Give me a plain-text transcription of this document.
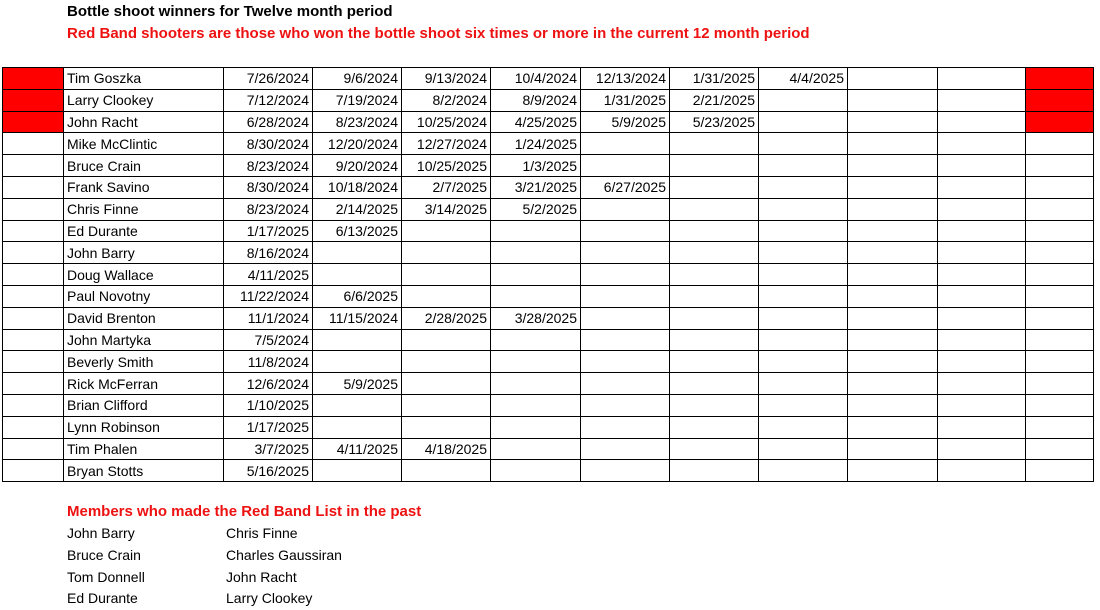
Bottle shoot winners for Twelve month period
Red Band shooters are those who won the bottle shoot six times or more in the current 12 month period
	Tim Goszka	7/26/2024	9/6/2024	9/13/2024	10/4/2024	12/13/2024	1/31/2025	4/4/2025			
	Larry Clookey	7/12/2024	7/19/2024	8/2/2024	8/9/2024	1/31/2025	2/21/2025				
	John Racht	6/28/2024	8/23/2024	10/25/2024	4/25/2025	5/9/2025	5/23/2025				
	Mike McClintic	8/30/2024	12/20/2024	12/27/2024	1/24/2025						
	Bruce Crain	8/23/2024	9/20/2024	10/25/2025	1/3/2025						
	Frank Savino	8/30/2024	10/18/2024	2/7/2025	3/21/2025	6/27/2025					
	Chris Finne	8/23/2024	2/14/2025	3/14/2025	5/2/2025						
	Ed Durante	1/17/2025	6/13/2025								
	John Barry	8/16/2024									
	Doug Wallace	4/11/2025									
	Paul Novotny	11/22/2024	6/6/2025								
	David Brenton	11/1/2024	11/15/2024	2/28/2025	3/28/2025						
	John Martyka	7/5/2024									
	Beverly Smith	11/8/2024									
	Rick McFerran	12/6/2024	5/9/2025								
	Brian Clifford	1/10/2025									
	Lynn Robinson	1/17/2025									
	Tim Phalen	3/7/2025	4/11/2025	4/18/2025							
	Bryan Stotts	5/16/2025									
Members who made the Red Band List in the past
John Barry	Chris Finne
Bruce Crain	Charles Gaussiran
Tom Donnell	John Racht
Ed Durante	Larry Clookey
